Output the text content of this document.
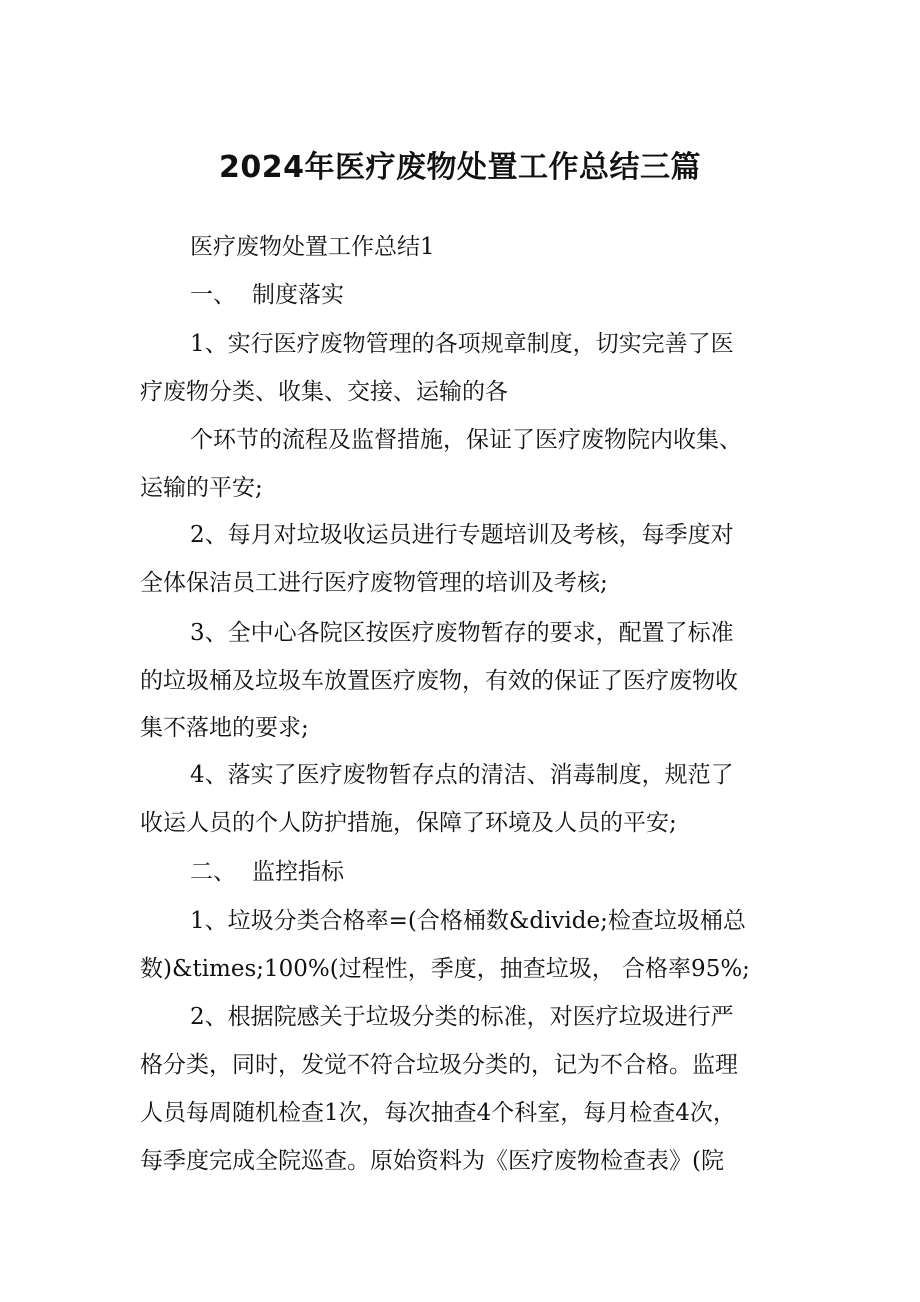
2024年医疗废物处置工作总结三篇

医疗废物处置工作总结1

一、 制度落实

1、实行医疗废物管理的各项规章制度，切实完善了医

疗废物分类、收集、交接、运输的各

个环节的流程及监督措施，保证了医疗废物院内收集、

运输的平安;

2、每月对垃圾收运员进行专题培训及考核，每季度对

全体保洁员工进行医疗废物管理的培训及考核;

3、全中心各院区按医疗废物暂存的要求，配置了标准

的垃圾桶及垃圾车放置医疗废物，有效的保证了医疗废物收

集不落地的要求;

4、落实了医疗废物暂存点的清洁、消毒制度，规范了

收运人员的个人防护措施，保障了环境及人员的平安;

二、 监控指标

1、垃圾分类合格率=(合格桶数&divide;检查垃圾桶总

数)&times;100%(过程性，季度，抽查垃圾， 合格率95%;

2、根据院感关于垃圾分类的标准，对医疗垃圾进行严

格分类，同时，发觉不符合垃圾分类的，记为不合格。监理

人员每周随机检查1次，每次抽查4个科室，每月检查4次，

每季度完成全院巡查。原始资料为《医疗废物检查表》(院
